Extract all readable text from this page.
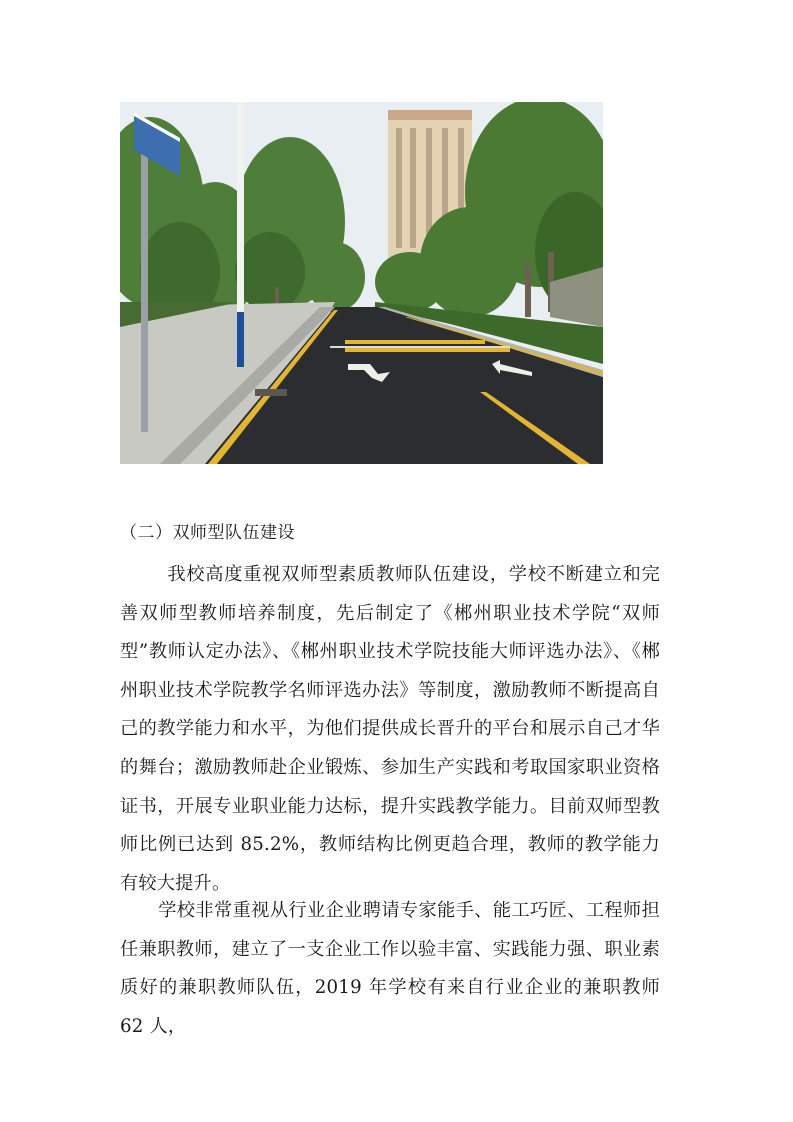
（二）双师型队伍建设

我校高度重视双师型素质教师队伍建设，学校不断建立和完善双师型教师培养制度，先后制定了《郴州职业技术学院“双师型”教师认定办法》、《郴州职业技术学院技能大师评选办法》、《郴州职业技术学院教学名师评选办法》等制度，激励教师不断提高自己的教学能力和水平，为他们提供成长晋升的平台和展示自己才华的舞台；激励教师赴企业锻炼、参加生产实践和考取国家职业资格证书，开展专业职业能力达标，提升实践教学能力。目前双师型教师比例已达到 85.2%，教师结构比例更趋合理，教师的教学能力有较大提升。

学校非常重视从行业企业聘请专家能手、能工巧匠、工程师担任兼职教师，建立了一支企业工作以验丰富、实践能力强、职业素质好的兼职教师队伍，2019 年学校有来自行业企业的兼职教师 62 人，
